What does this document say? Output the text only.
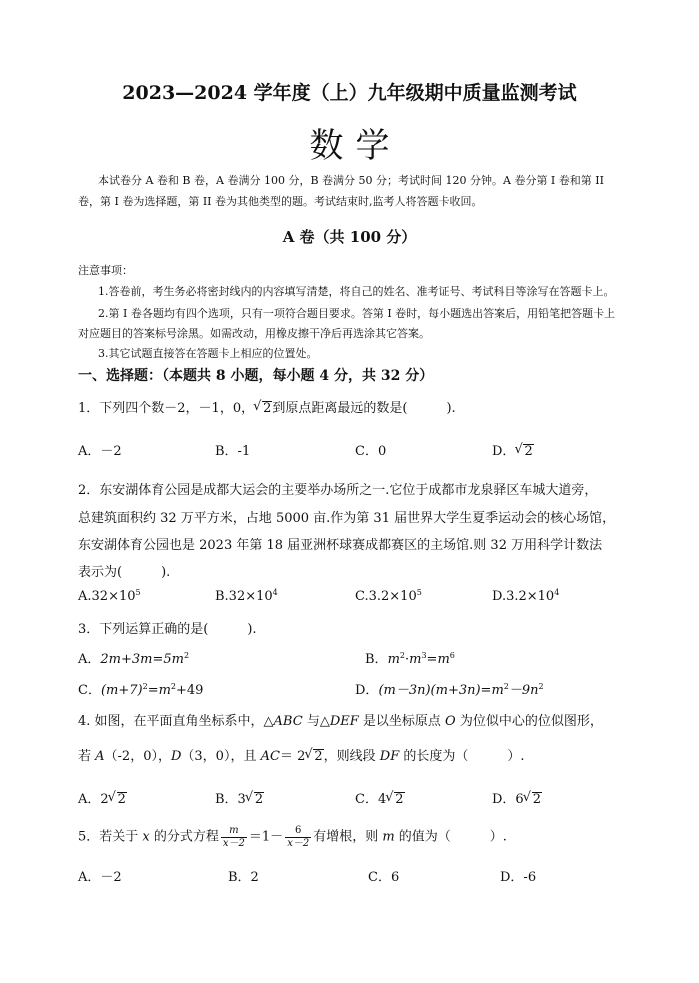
2023—2024 学年度（上）九年级期中质量监测考试
数学
本试卷分 A 卷和 B 卷，A 卷满分 100 分，B 卷满分 50 分；考试时间 120 分钟。A 卷分第 I 卷和第 II
卷，第 I 卷为选择题，第 II 卷为其他类型的题。考试结束时,监考人将答题卡收回。
A 卷（共 100 分）
注意事项：
1.答卷前，考生务必将密封线内的内容填写清楚，将自己的姓名、准考证号、考试科目等涂写在答题卡上。
2.第 I 卷各题均有四个选项，只有一项符合题目要求。答第 I 卷时，每小题选出答案后，用铅笔把答题卡上
对应题目的答案标号涂黑。如需改动，用橡皮擦干净后再选涂其它答案。
3.其它试题直接答在答题卡上相应的位置处。
一、选择题：（本题共 8 小题，每小题 4 分，共 32 分）
1．下列四个数－2，－1，0， √ 2到原点距离最远的数是(　　　).
A．－2	B．-1	C．0	D． √ 2
2．东安湖体育公园是成都大运会的主要举办场所之一.它位于成都市龙泉驿区车城大道旁，
总建筑面积约 32 万平方米，占地 5000 亩.作为第 31 届世界大学生夏季运动会的核心场馆，
东安湖体育公园也是 2023 年第 18 届亚洲杯球赛成都赛区的主场馆.则 32 万用科学计数法
表示为(　　　).
$A.32\times 10^5$	$B.32\times 10^4$	$C.3.2\times 10^5$	$D.3.2\times 10^4$
3．下列运算正确的是(　　　).
A．$2m+3m=5m^2$	B．$m^2\cdot m^3=m^6$
C．$(m+7)^2=m^2+49$	D．$(m-3n)(m+3n)=m^2-9n^2$
4. 如图，在平面直角坐标系中，△ABC 与△DEF 是以坐标原点 O 为位似中心的位似图形，
若 A（-2，0），D（3，0），且 AC＝ 2 √ 2，则线段 DF 的长度为（　　　）.
A．2 √ 2	B．3 √ 2	C．4 √ 2	D．6 √ 2
5．若关于 x 的分式方程 $\frac{m}{x-2} =1- \frac{6}{x-2}$ 有增根，则 m 的值为（　　　）.
A．－2	B．2	C．6	D．-6
